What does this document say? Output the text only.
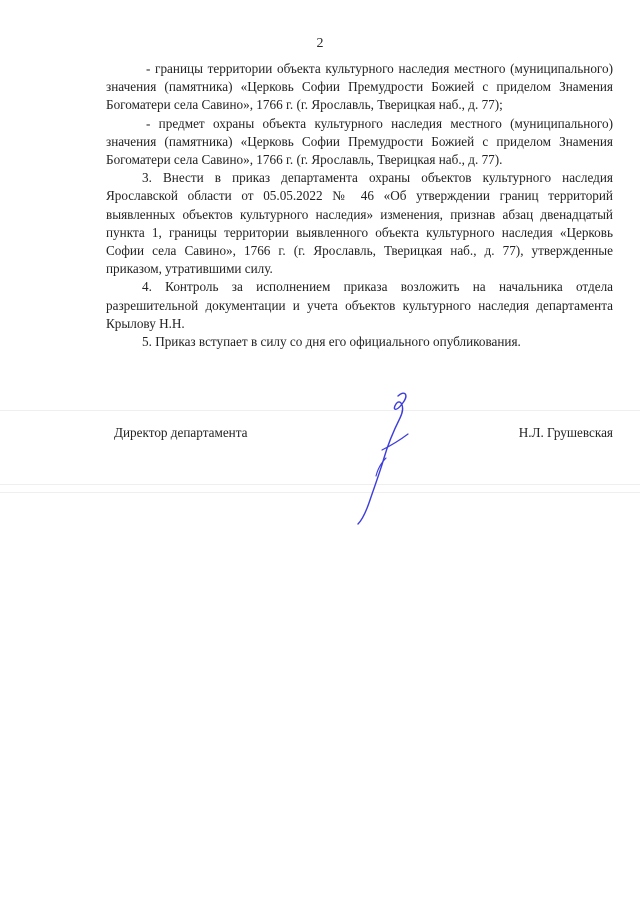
2

- границы территории объекта культурного наследия местного (муниципального) значения (памятника) «Церковь Софии Премудрости Божией с приделом Знамения Богоматери села Савино», 1766 г. (г. Ярославль, Тверицкая наб., д. 77);

- предмет охраны объекта культурного наследия местного (муниципального) значения (памятника) «Церковь Софии Премудрости Божией с приделом Знамения Богоматери села Савино», 1766 г. (г. Ярославль, Тверицкая наб., д. 77).

3. Внести в приказ департамента охраны объектов культурного наследия Ярославской области от 05.05.2022 № 46 «Об утверждении границ территорий выявленных объектов культурного наследия» изменения, признав абзац двенадцатый пункта 1, границы территории выявленного объекта культурного наследия «Церковь Софии села Савино», 1766 г. (г. Ярославль, Тверицкая наб., д. 77), утвержденные приказом, утратившими силу.

4. Контроль за исполнением приказа возложить на начальника отдела разрешительной документации и учета объектов культурного наследия департамента Крылову Н.Н.

5. Приказ вступает в силу со дня его официального опубликования.

Директор департамента	Н.Л. Грушевская
